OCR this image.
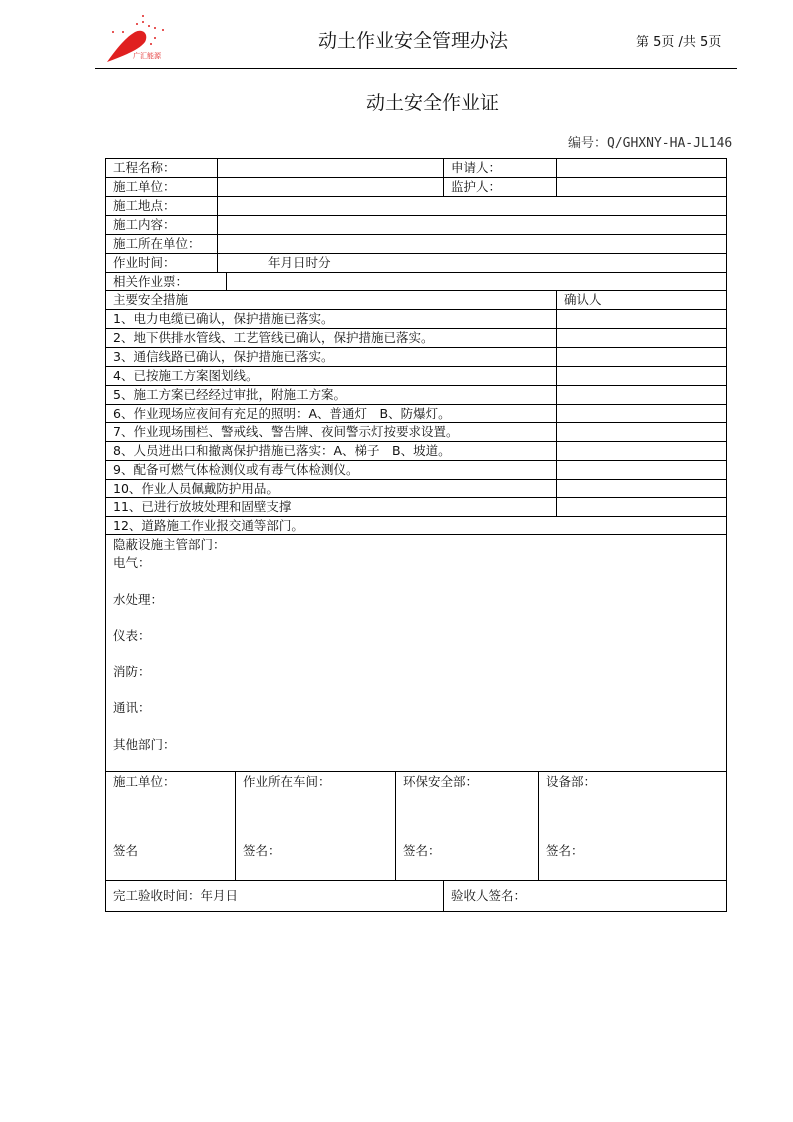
广汇能源
动土作业安全管理办法	第 5页 /共 5页
动土安全作业证
编号：Q/GHXNY-HA-JL146
工程名称：	申请人：
施工单位：	监护人：
施工地点：
施工内容：
施工所在单位：
作业时间：	年月日时分
相关作业票：
主要安全措施	确认人
1、电力电缆已确认，保护措施已落实。
2、地下供排水管线、工艺管线已确认，保护措施已落实。
3、通信线路已确认，保护措施已落实。
4、已按施工方案图划线。
5、施工方案已经经过审批，附施工方案。
6、作业现场应夜间有充足的照明：A、普通灯　B、防爆灯。
7、作业现场围栏、警戒线、警告牌、夜间警示灯按要求设置。
8、人员进出口和撤离保护措施已落实：A、梯子　B、坡道。
9、配备可燃气体检测仪或有毒气体检测仪。
10、作业人员佩戴防护用品。
11、已进行放坡处理和固壁支撑
12、道路施工作业报交通等部门。
隐蔽设施主管部门：
电气：
水处理：
仪表：
消防：
通讯：
其他部门：
施工单位：
签名
作业所在车间：
签名：
环保安全部：
签名：
设备部：
签名：
完工验收时间：年月日	验收人签名：
